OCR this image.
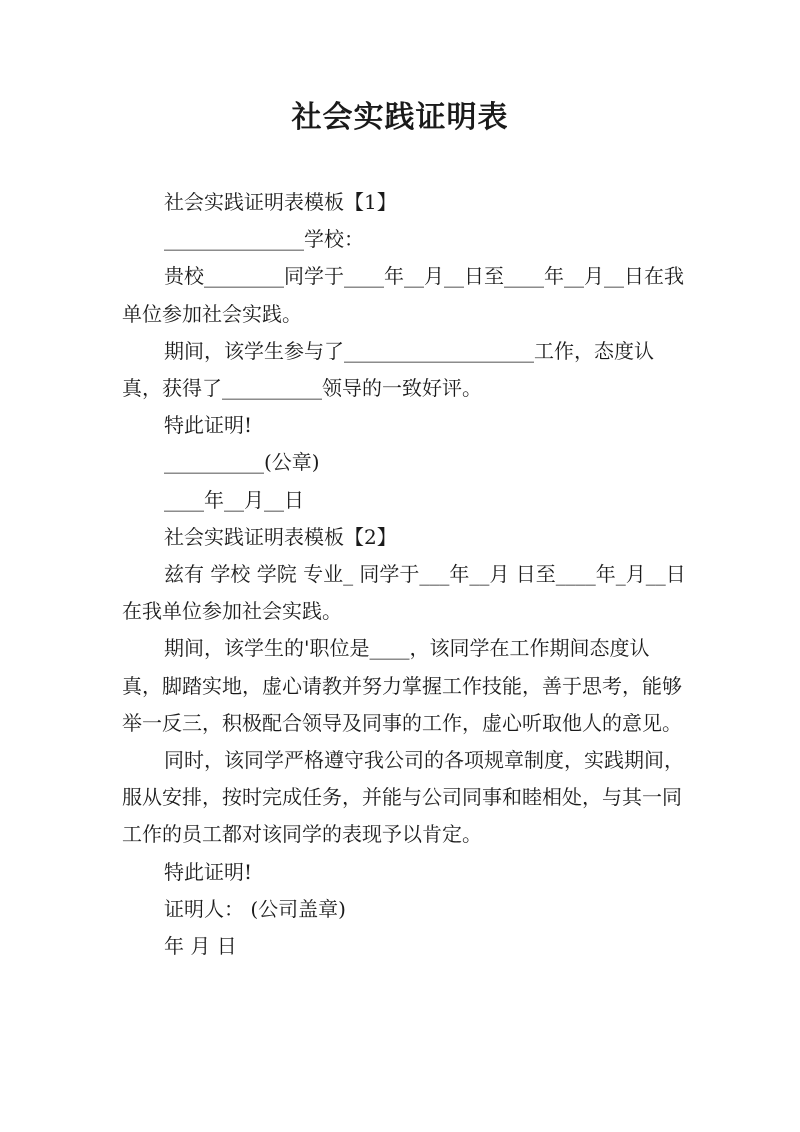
社会实践证明表

社会实践证明表模板【1】

______________学校：

贵校________同学于____年__月__日至____年__月__日在我单位参加社会实践。

期间，该学生参与了___________________工作，态度认真，获得了__________领导的一致好评。

特此证明!

__________(公章)

____年__月__日

社会实践证明表模板【2】

兹有 学校 学院 专业_ 同学于___年__月 日至____年_月__日在我单位参加社会实践。

期间，该学生的'职位是____，该同学在工作期间态度认真，脚踏实地，虚心请教并努力掌握工作技能，善于思考，能够举一反三，积极配合领导及同事的工作，虚心听取他人的意见。

同时，该同学严格遵守我公司的各项规章制度，实践期间，服从安排，按时完成任务，并能与公司同事和睦相处，与其一同工作的员工都对该同学的表现予以肯定。

特此证明!

证明人： (公司盖章)

年 月 日
